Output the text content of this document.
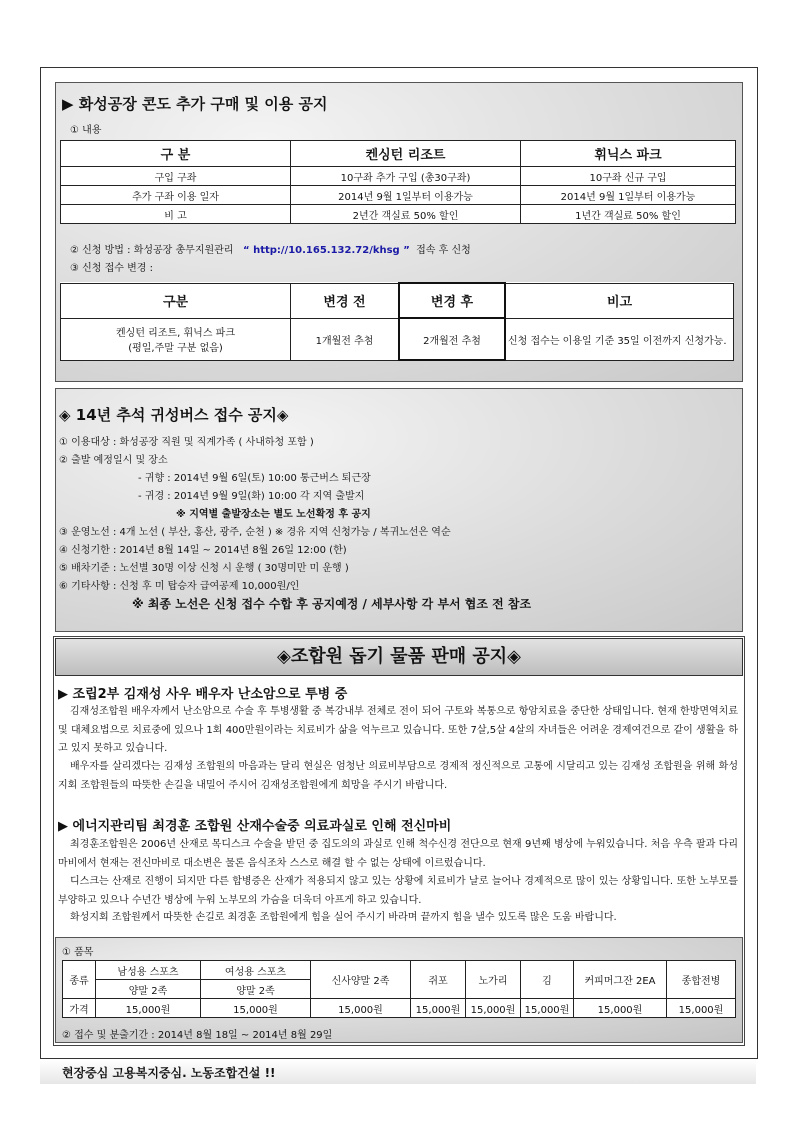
▶ 화성공장 콘도 추가 구매 및 이용 공지
① 내용
구 분	켄싱턴 리조트	휘닉스 파크
구입 구좌	10구좌 추가 구입 (총30구좌)	10구좌 신규 구입
추가 구좌 이용 일자	2014년 9월 1일부터 이용가능	2014년 9월 1일부터 이용가능
비 고	2년간 객실료 50% 할인	1년간 객실료 50% 할인
② 신청 방법 : 화성공장 총무지원관리 “ http://10.165.132.72/khsg ” 접속 후 신청
③ 신청 접수 변경 :
구분	변경 전	변경 후	비고

켄싱턴 리조트, 휘닉스 파크
(평일,주말 구분 없음)	1개월전 추첨	2개월전 추첨	신청 접수는 이용일 기준 35일 이전까지 신청가능.
◈ 14년 추석 귀성버스 접수 공지◈
① 이용대상 : 화성공장 직원 및 직계가족 ( 사내하청 포함 )
② 출발 예정일시 및 장소
- 귀향 : 2014년 9월 6일(토) 10:00 통근버스 퇴근장
- 귀경 : 2014년 9월 9일(화) 10:00 각 지역 출발지
※ 지역별 출발장소는 별도 노선확정 후 공지
③ 운영노선 : 4개 노선 ( 부산, 홍산, 광주, 순천 ) ※ 경유 지역 신청가능 / 복귀노선은 역순
④ 신청기한 : 2014년 8월 14일 ~ 2014년 8월 26일 12:00 (한)
⑤ 배차기준 : 노선별 30명 이상 신청 시 운행 ( 30명미만 미 운행 )
⑥ 기타사항 : 신청 후 미 탑승자 급여공제 10,000원/인
※ 최종 노선은 신청 접수 수합 후 공지예정 / 세부사항 각 부서 협조 전 참조
◈조합원 돕기 물품 판매 공지◈
▶ 조립2부 김재성 사우 배우자 난소암으로 투병 중
김재성조합원 배우자께서 난소암으로 수술 후 투병생활 중 복강내부 전체로 전이 되어 구토와 복통으로 항암치료을 중단한 상태입니다. 현재 한방면역치료 및 대체요법으로 치료중에 있으나 1회 400만원이라는 치료비가 삶을 억누르고 있습니다. 또한 7살,5살 4살의 자녀들은 어려운 경제여건으로 같이 생활을 하고 있지 못하고 있습니다.
배우자를 살리겠다는 김재성 조합원의 마음과는 달리 현실은 엄청난 의료비부담으로 경제적 정신적으로 고통에 시달리고 있는 김재성 조합원을 위해 화성지회 조합원들의 따뜻한 손길을 내밀어 주시어 김재성조합원에게 희망을 주시기 바랍니다.
▶ 에너지관리팀 최경훈 조합원 산재수술중 의료과실로 인해 전신마비
최경훈조합원은 2006년 산재로 목디스크 수술을 받던 중 집도의의 과실로 인해 척수신경 전단으로 현재 9년째 병상에 누워있습니다. 처음 우측 팔과 다리 마비에서 현재는 전신마비로 대소변은 물론 음식조차 스스로 해결 할 수 없는 상태에 이르렀습니다.
디스크는 산재로 진행이 되지만 다른 합병증은 산재가 적용되지 않고 있는 상황에 치료비가 날로 늘어나 경제적으로 많이 있는 상황입니다. 또한 노부모를 부양하고 있으나 수년간 병상에 누워 노부모의 가슴을 더욱더 아프게 하고 있습니다.
화성지회 조합원께서 따뜻한 손길로 최경훈 조합원에게 힘을 실어 주시기 바라며 끝까지 힘을 낼수 있도록 많은 도움 바랍니다.
① 품목
종류	남성용 스포츠	여성용 스포츠	신사양말 2족	쥐포	노가리	김	커피머그잔 2EA	종합전병
	양말 2족	양말 2족						
가격	15,000원	15,000원	15,000원	15,000원	15,000원	15,000원	15,000원	15,000원
② 접수 및 분출기간 : 2014년 8월 18일 ~ 2014년 8월 29일
현장중심 고용복지중심. 노동조합건설 !!
